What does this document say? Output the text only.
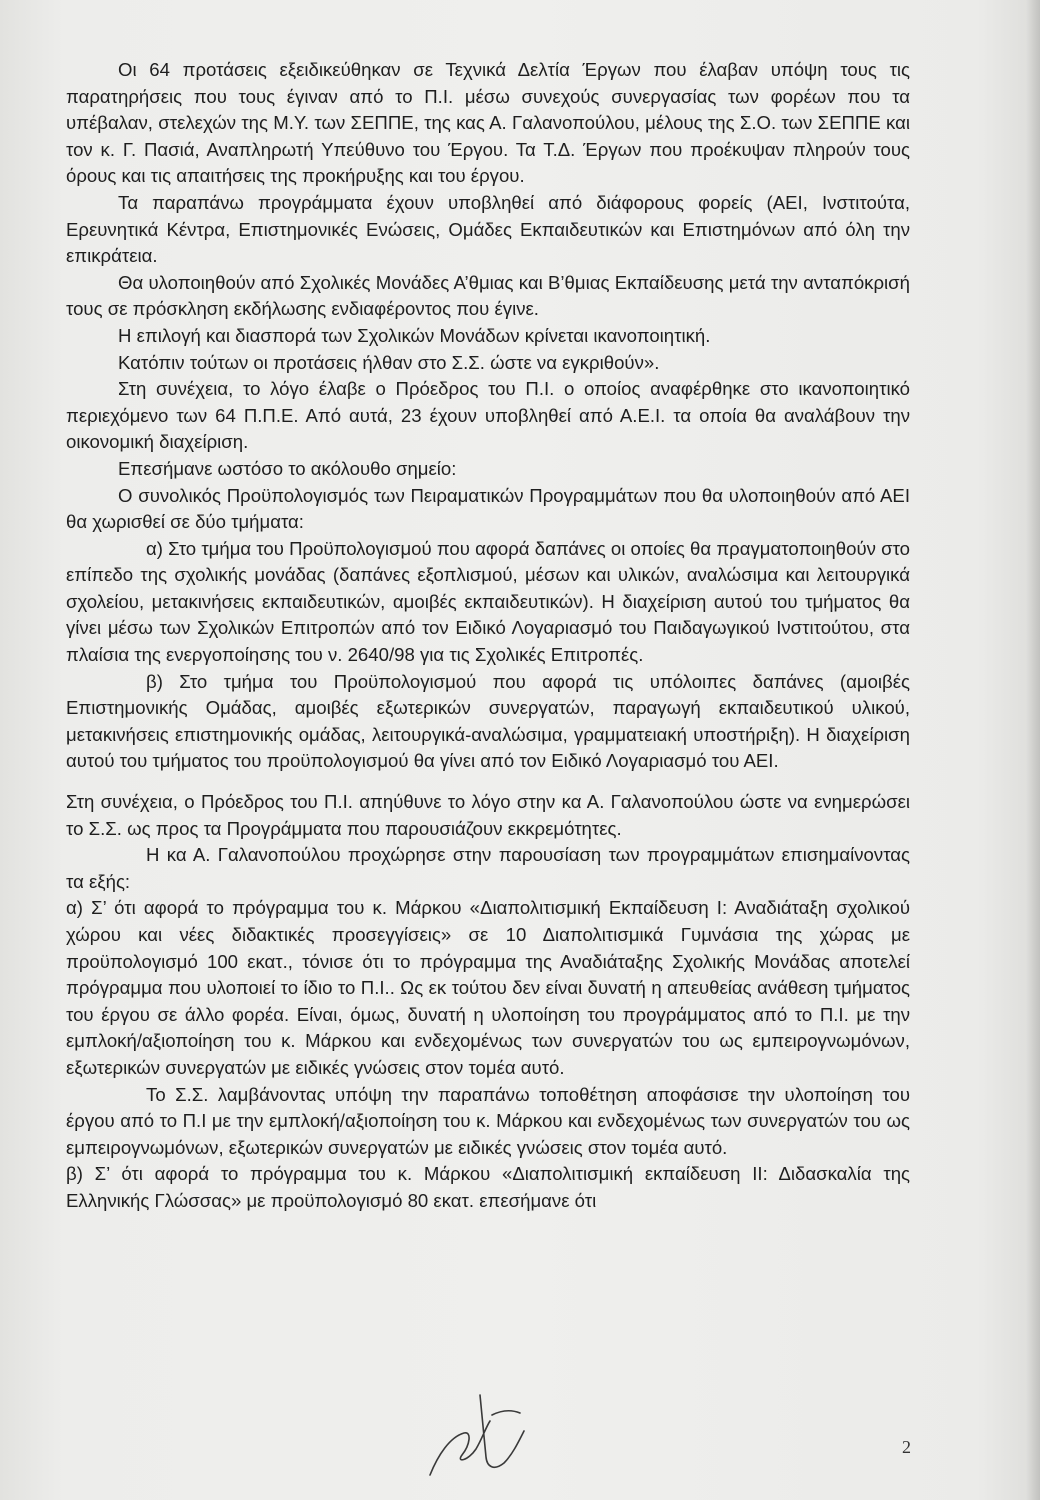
Οι 64 προτάσεις εξειδικεύθηκαν σε Τεχνικά Δελτία Έργων που έλαβαν υπόψη τους τις παρατηρήσεις που τους έγιναν από το Π.Ι. μέσω συνεχούς συνεργασίας των φορέων που τα υπέβαλαν, στελεχών της Μ.Υ. των ΣΕΠΠΕ, της κας Α. Γαλανοπούλου, μέλους της Σ.Ο. των ΣΕΠΠΕ και τον κ. Γ. Πασιά, Αναπληρωτή Υπεύθυνο του Έργου. Τα Τ.Δ. Έργων που προέκυψαν πληρούν τους όρους και τις απαιτήσεις της προκήρυξης και του έργου.

Τα παραπάνω προγράμματα έχουν υποβληθεί από διάφορους φορείς (ΑΕΙ, Ινστιτούτα, Ερευνητικά Κέντρα, Επιστημονικές Ενώσεις, Ομάδες Εκπαιδευτικών και Επιστημόνων από όλη την επικράτεια.

Θα υλοποιηθούν από Σχολικές Μονάδες Α’θμιας και Β’θμιας Εκπαίδευσης μετά την ανταπόκρισή τους σε πρόσκληση εκδήλωσης ενδιαφέροντος που έγινε.

Η επιλογή και διασπορά των Σχολικών Μονάδων κρίνεται ικανοποιητική.

Κατόπιν τούτων οι προτάσεις ήλθαν στο Σ.Σ. ώστε να εγκριθούν».

Στη συνέχεια, το λόγο έλαβε ο Πρόεδρος του Π.Ι. ο οποίος αναφέρθηκε στο ικανοποιητικό περιεχόμενο των 64 Π.Π.Ε. Από αυτά, 23 έχουν υποβληθεί από Α.Ε.Ι. τα οποία θα αναλάβουν την οικονομική διαχείριση.

Επεσήμανε ωστόσο το ακόλουθο σημείο:

Ο συνολικός Προϋπολογισμός των Πειραματικών Προγραμμάτων που θα υλοποιηθούν από ΑΕΙ θα χωρισθεί σε δύο τμήματα:

α) Στο τμήμα του Προϋπολογισμού που αφορά δαπάνες οι οποίες θα πραγματοποιηθούν στο επίπεδο της σχολικής μονάδας (δαπάνες εξοπλισμού, μέσων και υλικών, αναλώσιμα και λειτουργικά σχολείου, μετακινήσεις εκπαιδευτικών, αμοιβές εκπαιδευτικών). Η διαχείριση αυτού του τμήματος θα γίνει μέσω των Σχολικών Επιτροπών από τον Ειδικό Λογαριασμό του Παιδαγωγικού Ινστιτούτου, στα πλαίσια της ενεργοποίησης του ν. 2640/98 για τις Σχολικές Επιτροπές.

β) Στο τμήμα του Προϋπολογισμού που αφορά τις υπόλοιπες δαπάνες (αμοιβές Επιστημονικής Ομάδας, αμοιβές εξωτερικών συνεργατών, παραγωγή εκπαιδευτικού υλικού, μετακινήσεις επιστημονικής ομάδας, λειτουργικά-αναλώσιμα, γραμματειακή υποστήριξη). Η διαχείριση αυτού του τμήματος του προϋπολογισμού θα γίνει από τον Ειδικό Λογαριασμό του ΑΕΙ.

Στη συνέχεια, ο Πρόεδρος του Π.Ι. απηύθυνε το λόγο στην κα Α. Γαλανοπούλου ώστε να ενημερώσει το Σ.Σ. ως προς τα Προγράμματα που παρουσιάζουν εκκρεμότητες.

Η κα Α. Γαλανοπούλου προχώρησε στην παρουσίαση των προγραμμάτων επισημαίνοντας τα εξής:

α) Σ’ ότι αφορά το πρόγραμμα του κ. Μάρκου «Διαπολιτισμική Εκπαίδευση Ι: Αναδιάταξη σχολικού χώρου και νέες διδακτικές προσεγγίσεις» σε 10 Διαπολιτισμικά Γυμνάσια της χώρας με προϋπολογισμό 100 εκατ., τόνισε ότι το πρόγραμμα της Αναδιάταξης Σχολικής Μονάδας αποτελεί πρόγραμμα που υλοποιεί το ίδιο το Π.Ι.. Ως εκ τούτου δεν είναι δυνατή η απευθείας ανάθεση τμήματος του έργου σε άλλο φορέα. Είναι, όμως, δυνατή η υλοποίηση του προγράμματος από το Π.Ι. με την εμπλοκή/αξιοποίηση του κ. Μάρκου και ενδεχομένως των συνεργατών του ως εμπειρογνωμόνων, εξωτερικών συνεργατών με ειδικές γνώσεις στον τομέα αυτό.

Το Σ.Σ. λαμβάνοντας υπόψη την παραπάνω τοποθέτηση αποφάσισε την υλοποίηση του έργου από το Π.Ι με την εμπλοκή/αξιοποίηση του κ. Μάρκου και ενδεχομένως των συνεργατών του ως εμπειρογνωμόνων, εξωτερικών συνεργατών με ειδικές γνώσεις στον τομέα αυτό.

β) Σ’ ότι αφορά το πρόγραμμα του κ. Μάρκου «Διαπολιτισμική εκπαίδευση ΙΙ: Διδασκαλία της Ελληνικής Γλώσσας» με προϋπολογισμό 80 εκατ. επεσήμανε ότι

2
